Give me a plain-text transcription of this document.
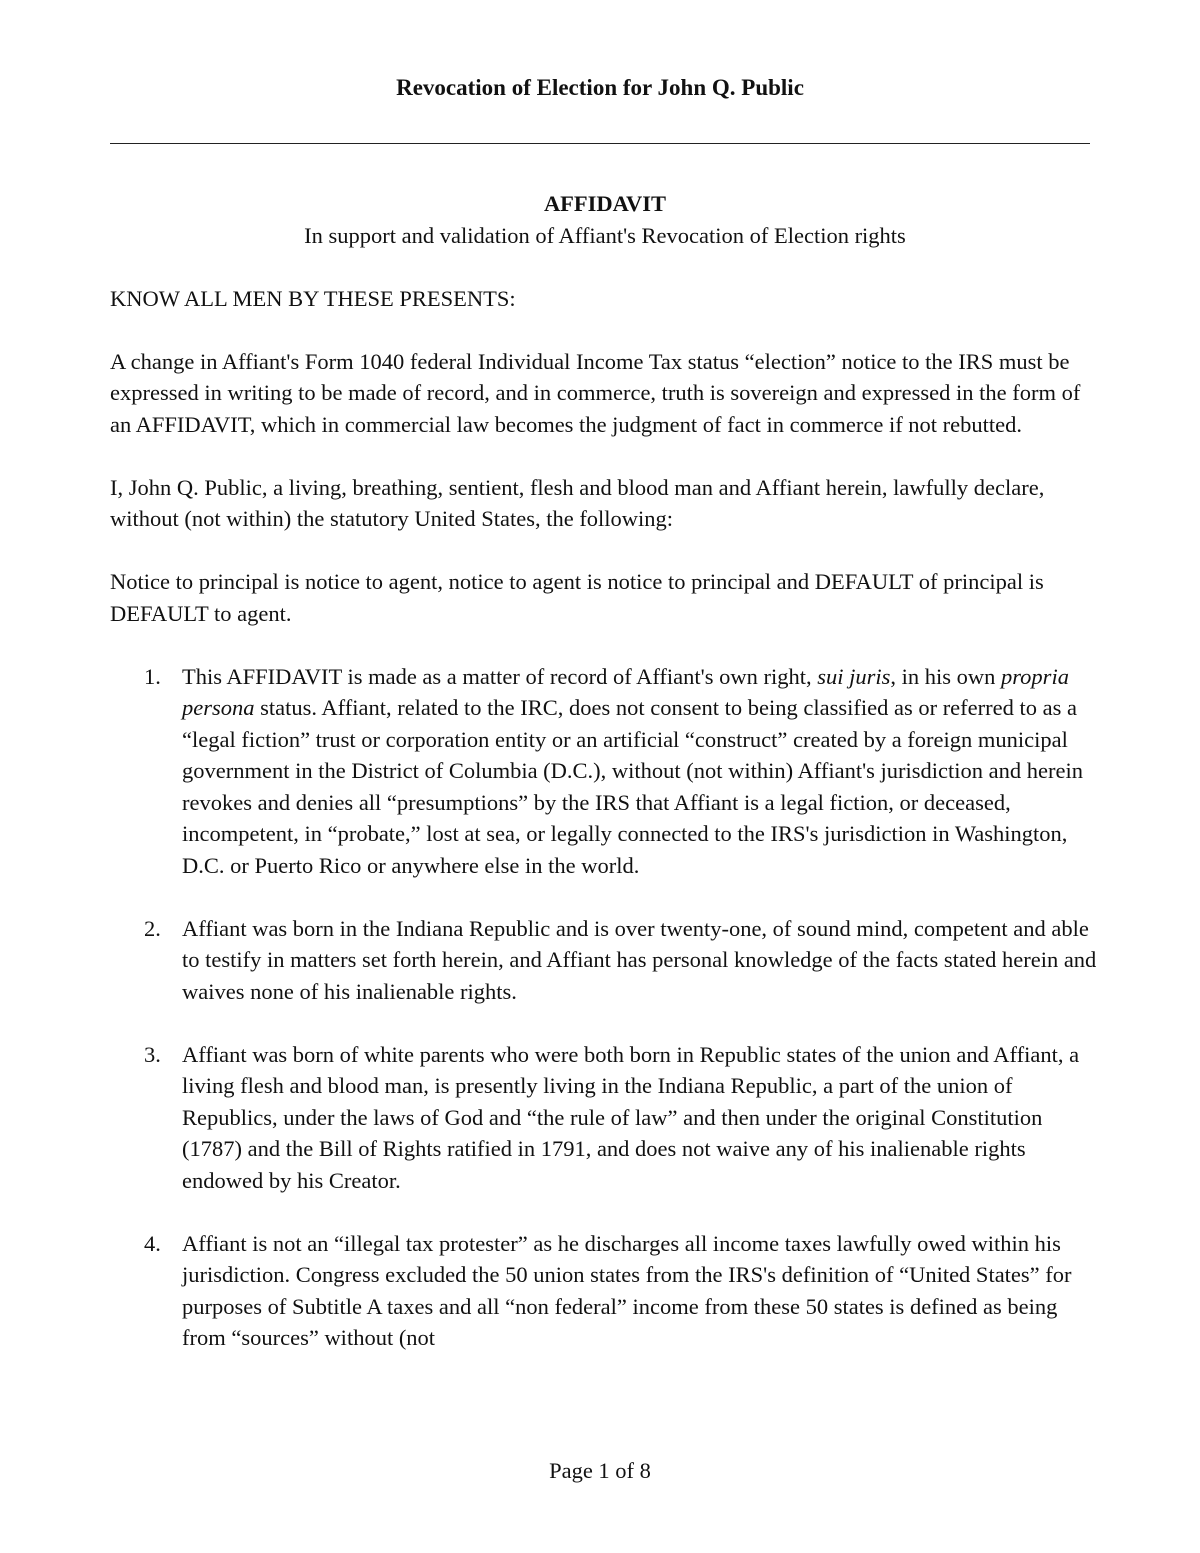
Revocation of Election for John Q. Public

AFFIDAVIT

In support and validation of Affiant's Revocation of Election rights

KNOW ALL MEN BY THESE PRESENTS:

A change in Affiant's Form 1040 federal Individual Income Tax status “election” notice to the IRS must be expressed in writing to be made of record, and in commerce, truth is sovereign and expressed in the form of an AFFIDAVIT, which in commercial law becomes the judgment of fact in commerce if not rebutted.

I, John Q. Public, a living, breathing, sentient, flesh and blood man and Affiant herein, lawfully declare, without (not within) the statutory United States, the following:

Notice to principal is notice to agent, notice to agent is notice to principal and DEFAULT of principal is DEFAULT to agent.

1. This AFFIDAVIT is made as a matter of record of Affiant's own right, sui juris, in his own propria persona status. Affiant, related to the IRC, does not consent to being classified as or referred to as a “legal fiction” trust or corporation entity or an artificial “construct” created by a foreign municipal government in the District of Columbia (D.C.), without (not within) Affiant's jurisdiction and herein revokes and denies all “presumptions” by the IRS that Affiant is a legal fiction, or deceased, incompetent, in “probate,” lost at sea, or legally connected to the IRS's jurisdiction in Washington, D.C. or Puerto Rico or anywhere else in the world.
2. Affiant was born in the Indiana Republic and is over twenty-one, of sound mind, competent and able to testify in matters set forth herein, and Affiant has personal knowledge of the facts stated herein and waives none of his inalienable rights.
3. Affiant was born of white parents who were both born in Republic states of the union and Affiant, a living flesh and blood man, is presently living in the Indiana Republic, a part of the union of Republics, under the laws of God and “the rule of law” and then under the original Constitution (1787) and the Bill of Rights ratified in 1791, and does not waive any of his inalienable rights endowed by his Creator.
4. Affiant is not an “illegal tax protester” as he discharges all income taxes lawfully owed within his jurisdiction. Congress excluded the 50 union states from the IRS's definition of “United States” for purposes of Subtitle A taxes and all “non federal” income from these 50 states is defined as being from “sources” without (not
Page 1 of 8
